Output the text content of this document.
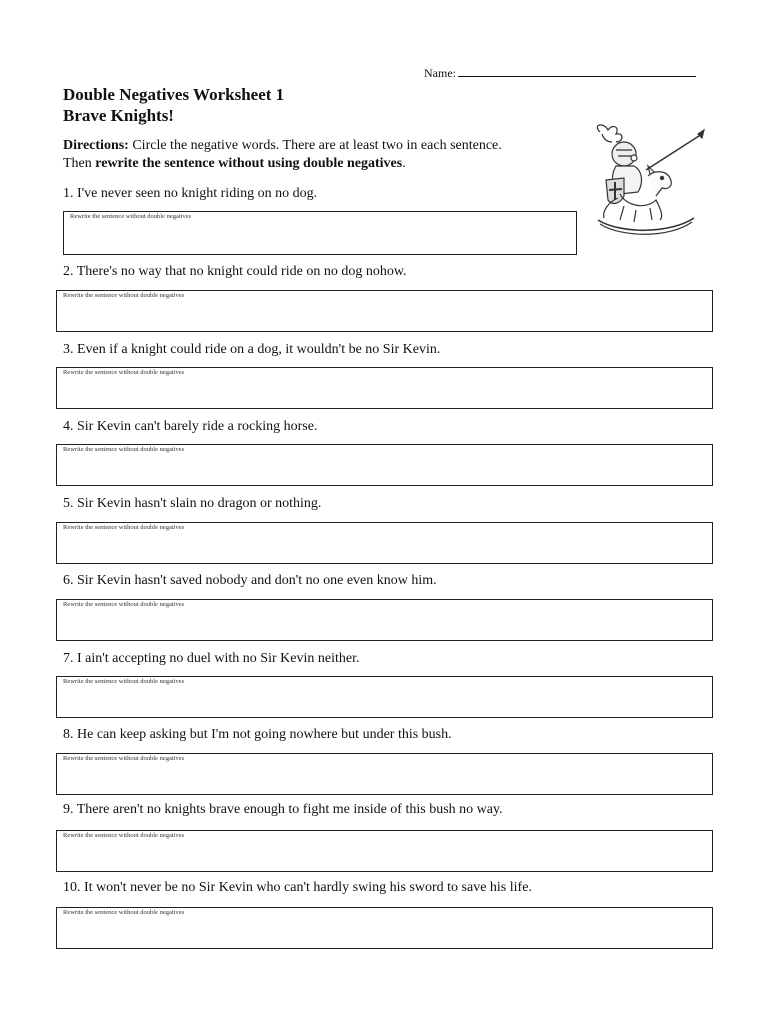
Name:
Double Negatives Worksheet 1
Brave Knights!
Directions: Circle the negative words. There are at least two in each sentence.
Then rewrite the sentence without using double negatives.
1. I've never seen no knight riding on no dog.
Rewrite the sentence without double negatives
2. There's no way that no knight could ride on no dog nohow.
Rewrite the sentence without double negatives
3. Even if a knight could ride on a dog, it wouldn't be no Sir Kevin.
Rewrite the sentence without double negatives
4. Sir Kevin can't barely ride a rocking horse.
Rewrite the sentence without double negatives
5. Sir Kevin hasn't slain no dragon or nothing.
Rewrite the sentence without double negatives
6. Sir Kevin hasn't saved nobody and don't no one even know him.
Rewrite the sentence without double negatives
7. I ain't accepting no duel with no Sir Kevin neither.
Rewrite the sentence without double negatives
8. He can keep asking but I'm not going nowhere but under this bush.
Rewrite the sentence without double negatives
9. There aren't no knights brave enough to fight me inside of this bush no way.
Rewrite the sentence without double negatives
10. It won't never be no Sir Kevin who can't hardly swing his sword to save his life.
Rewrite the sentence without double negatives
